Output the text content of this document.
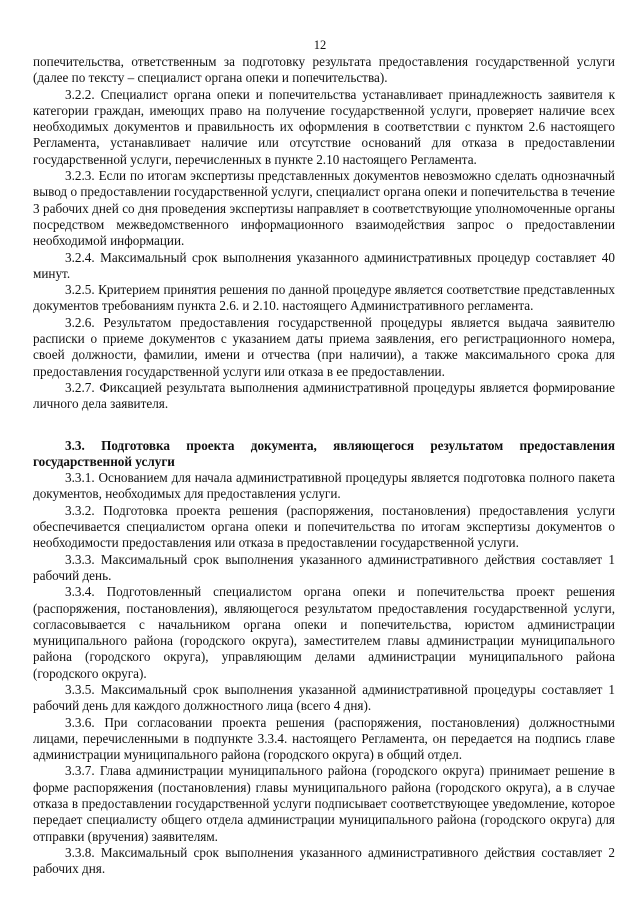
12

попечительства, ответственным за подготовку результата предоставления государственной услуги (далее по тексту – специалист органа опеки и попечительства).

3.2.2. Специалист органа опеки и попечительства устанавливает принадлежность заявителя к категории граждан, имеющих право на получение государственной услуги, проверяет наличие всех необходимых документов и правильность их оформления в соответствии с пунктом 2.6 настоящего Регламента, устанавливает наличие или отсутствие оснований для отказа в предоставлении государственной услуги, перечисленных в пункте 2.10 настоящего Регламента.

3.2.3. Если по итогам экспертизы представленных документов невозможно сделать однозначный вывод о предоставлении государственной услуги, специалист органа опеки и попечительства в течение 3 рабочих дней со дня проведения экспертизы направляет в соответствующие уполномоченные органы посредством межведомственного информационного взаимодействия запрос о предоставлении необходимой информации.

3.2.4. Максимальный срок выполнения указанного административных процедур составляет 40 минут.

3.2.5. Критерием принятия решения по данной процедуре является соответствие представленных документов требованиям пункта 2.6. и 2.10. настоящего Административного регламента.

3.2.6. Результатом предоставления государственной процедуры является выдача заявителю расписки о приеме документов с указанием даты приема заявления, его регистрационного номера, своей должности, фамилии, имени и отчества (при наличии), а также максимального срока для предоставления государственной услуги или отказа в ее предоставлении.

3.2.7. Фиксацией результата выполнения административной процедуры является формирование личного дела заявителя.

3.3. Подготовка проекта документа, являющегося результатом предоставления государственной услуги

3.3.1. Основанием для начала административной процедуры является подготовка полного пакета документов, необходимых для предоставления услуги.

3.3.2. Подготовка проекта решения (распоряжения, постановления) предоставления услуги обеспечивается специалистом органа опеки и попечительства по итогам экспертизы документов о необходимости предоставления или отказа в предоставлении государственной услуги.

3.3.3. Максимальный срок выполнения указанного административного действия составляет 1 рабочий день.

3.3.4. Подготовленный специалистом органа опеки и попечительства проект решения (распоряжения, постановления), являющегося результатом предоставления государственной услуги, согласовывается с начальником органа опеки и попечительства, юристом администрации муниципального района (городского округа), заместителем главы администрации муниципального района (городского округа), управляющим делами администрации муниципального района (городского округа).

3.3.5. Максимальный срок выполнения указанной административной процедуры составляет 1 рабочий день для каждого должностного лица (всего 4 дня).

3.3.6. При согласовании проекта решения (распоряжения, постановления) должностными лицами, перечисленными в подпункте 3.3.4. настоящего Регламента, он передается на подпись главе администрации муниципального района (городского округа) в общий отдел.

3.3.7. Глава администрации муниципального района (городского округа) принимает решение в форме распоряжения (постановления) главы муниципального района (городского округа), а в случае отказа в предоставлении государственной услуги подписывает соответствующее уведомление, которое передает специалисту общего отдела администрации муниципального района (городского округа) для отправки (вручения) заявителям.

3.3.8. Максимальный срок выполнения указанного административного действия составляет 2 рабочих дня.
